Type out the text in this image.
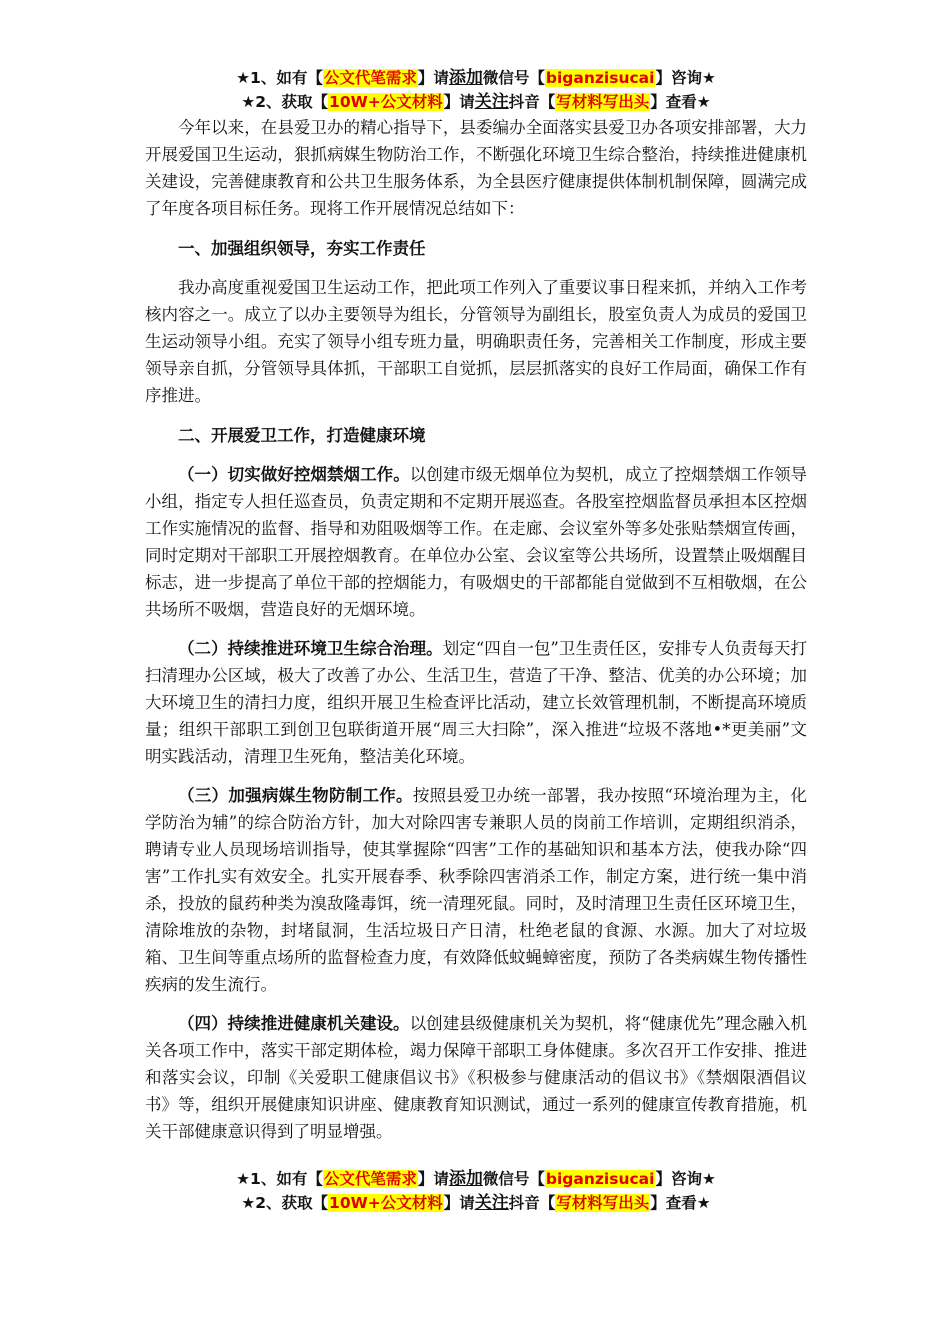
★1、如有【公文代笔需求】请添加微信号【biganzisucai】咨询★
★2、获取【10W+公文材料】请关注抖音【写材料写出头】查看★

今年以来，在县爱卫办的精心指导下，县委编办全面落实县爱卫办各项安排部署，大力开展爱国卫生运动，狠抓病媒生物防治工作，不断强化环境卫生综合整治，持续推进健康机关建设，完善健康教育和公共卫生服务体系，为全县医疗健康提供体制机制保障，圆满完成了年度各项目标任务。现将工作开展情况总结如下：

一、加强组织领导，夯实工作责任

我办高度重视爱国卫生运动工作，把此项工作列入了重要议事日程来抓，并纳入工作考核内容之一。成立了以办主要领导为组长，分管领导为副组长，股室负责人为成员的爱国卫生运动领导小组。充实了领导小组专班力量，明确职责任务，完善相关工作制度，形成主要领导亲自抓，分管领导具体抓，干部职工自觉抓，层层抓落实的良好工作局面，确保工作有序推进。

二、开展爱卫工作，打造健康环境

（一）切实做好控烟禁烟工作。以创建市级无烟单位为契机，成立了控烟禁烟工作领导小组，指定专人担任巡查员，负责定期和不定期开展巡查。各股室控烟监督员承担本区控烟工作实施情况的监督、指导和劝阻吸烟等工作。在走廊、会议室外等多处张贴禁烟宣传画，同时定期对干部职工开展控烟教育。在单位办公室、会议室等公共场所，设置禁止吸烟醒目标志，进一步提高了单位干部的控烟能力，有吸烟史的干部都能自觉做到不互相敬烟，在公共场所不吸烟，营造良好的无烟环境。

（二）持续推进环境卫生综合治理。划定“四自一包”卫生责任区，安排专人负责每天打扫清理办公区域，极大了改善了办公、生活卫生，营造了干净、整洁、优美的办公环境；加大环境卫生的清扫力度，组织开展卫生检查评比活动，建立长效管理机制，不断提高环境质量；组织干部职工到创卫包联街道开展“周三大扫除”，深入推进“垃圾不落地•*更美丽”文明实践活动，清理卫生死角，整洁美化环境。

（三）加强病媒生物防制工作。按照县爱卫办统一部署，我办按照“环境治理为主，化学防治为辅”的综合防治方针，加大对除四害专兼职人员的岗前工作培训，定期组织消杀，聘请专业人员现场培训指导，使其掌握除“四害”工作的基础知识和基本方法，使我办除“四害”工作扎实有效安全。扎实开展春季、秋季除四害消杀工作，制定方案，进行统一集中消杀，投放的鼠药种类为溴敌隆毒饵，统一清理死鼠。同时，及时清理卫生责任区环境卫生，清除堆放的杂物，封堵鼠洞，生活垃圾日产日清，杜绝老鼠的食源、水源。加大了对垃圾箱、卫生间等重点场所的监督检查力度，有效降低蚊蝇蟑密度，预防了各类病媒生物传播性疾病的发生流行。

（四）持续推进健康机关建设。以创建县级健康机关为契机，将“健康优先”理念融入机关各项工作中，落实干部定期体检，竭力保障干部职工身体健康。多次召开工作安排、推进和落实会议，印制《关爱职工健康倡议书》《积极参与健康活动的倡议书》《禁烟限酒倡议书》等，组织开展健康知识讲座、健康教育知识测试，通过一系列的健康宣传教育措施，机关干部健康意识得到了明显增强。

★1、如有【公文代笔需求】请添加微信号【biganzisucai】咨询★
★2、获取【10W+公文材料】请关注抖音【写材料写出头】查看★
